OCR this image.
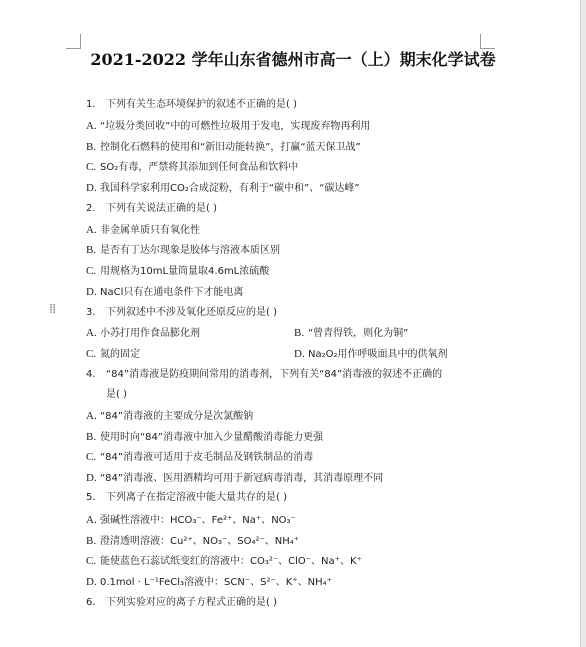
2021-2022 学年山东省德州市高一（上）期末化学试卷
⁞⁞
1. 下列有关生态环境保护的叙述不正确的是( )
A. “垃圾分类回收”中的可燃性垃圾用于发电，实现废弃物再利用
B. 控制化石燃料的使用和“新旧动能转换”，打赢“蓝天保卫战”
C. SO₂有毒，严禁将其添加到任何食品和饮料中
D. 我国科学家利用CO₂合成淀粉，有利于“碳中和”、“碳达峰”
2. 下列有关说法正确的是( )
A. 非金属单质只有氧化性
B. 是否有丁达尔现象是胶体与溶液本质区别
C. 用规格为10mL量筒量取4.6mL浓硫酸
D. NaCl只有在通电条件下才能电离
3. 下列叙述中不涉及氧化还原反应的是( )
A. 小苏打用作食品膨化剂	B. “曾青得铁，则化为铜”
C. 氮的固定	D. Na₂O₂用作呼吸面具中的供氧剂
4. “84”消毒液是防疫期间常用的消毒剂，下列有关“84”消毒液的叙述不正确的
是( )
A. “84”消毒液的主要成分是次氯酸钠
B. 使用时向“84”消毒液中加入少量醋酸消毒能力更强
C. “84”消毒液可适用于皮毛制品及钢铁制品的消毒
D. “84”消毒液、医用酒精均可用于新冠病毒消毒，其消毒原理不同
5. 下列离子在指定溶液中能大量共存的是( )
A. 强碱性溶液中：HCO₃⁻、Fe²⁺、Na⁺、NO₃⁻
B. 澄清透明溶液：Cu²⁺、NO₃⁻、SO₄²⁻、NH₄⁺
C. 能使蓝色石蕊试纸变红的溶液中：CO₃²⁻、ClO⁻、Na⁺、K⁺
D. 0.1mol · L⁻¹FeCl₃溶液中：SCN⁻、S²⁻、K⁺、NH₄⁺
6. 下列实验对应的离子方程式正确的是( )
